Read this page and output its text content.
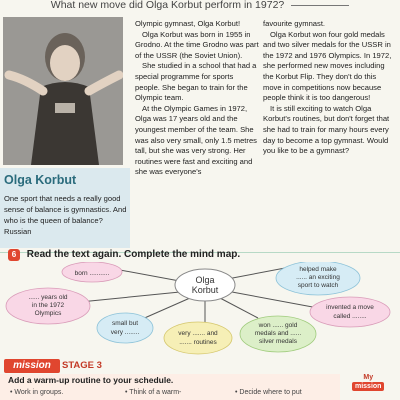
What new move did Olga Korbut perform in 1972?
Olga Korbut
One sport that needs a really good sense of balance is gymnastics. And who is the queen of balance? Russian

Olympic gymnast, Olga Korbut!

Olga Korbut was born in 1955 in Grodno. At the time Grodno was part of the USSR (the Soviet Union).

She studied in a school that had a special programme for sports people. She began to train for the Olympic team.

At the Olympic Games in 1972, Olga was 17 years old and the youngest member of the team. She was also very small, only 1.5 metres tall, but she was very strong. Her routines were fast and exciting and she was everyone's

favourite gymnast.

Olga Korbut won four gold medals and two silver medals for the USSR in the 1972 and 1976 Olympics. In 1972, she performed new moves including the Korbut Flip. They don't do this move in competitions now because people think it is too dangerous!

It is still exciting to watch Olga Korbut's routines, but don't forget that she had to train for many hours every day to become a top gymnast. Would you like to be a gymnast?

6 Read the text again. Complete the mind map.
Olga
Korbut
born ...........
helped make
...... an exciting
sport to watch
...... years old
in the 1972
Olympics
invented a move
called ........
small but
very ........	very ....... and
....... routines
won ...... gold
medals and ......
silver medals
mission	STAGE 3
Add a warm-up routine to your schedule.
• Work in groups.	• Think of a warm-	• Decide where to put
My
mission
